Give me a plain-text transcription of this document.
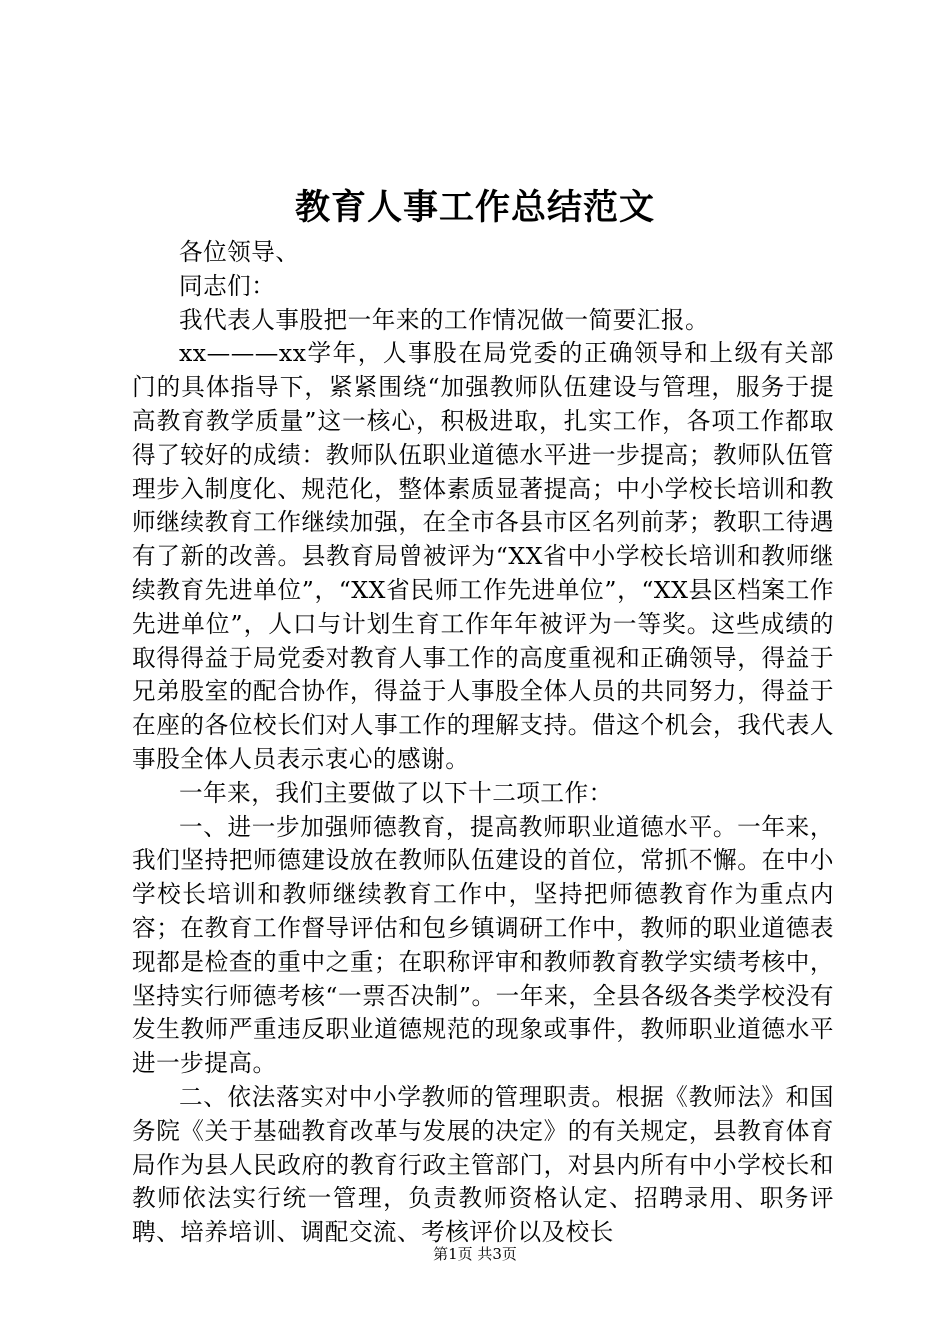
教育人事工作总结范文

各位领导、

同志们：

我代表人事股把一年来的工作情况做一简要汇报。

xx———xx学年，人事股在局党委的正确领导和上级有关部门的具体指导下，紧紧围绕“加强教师队伍建设与管理，服务于提高教育教学质量”这一核心，积极进取，扎实工作，各项工作都取得了较好的成绩：教师队伍职业道德水平进一步提高；教师队伍管理步入制度化、规范化，整体素质显著提高；中小学校长培训和教师继续教育工作继续加强，在全市各县市区名列前茅；教职工待遇有了新的改善。县教育局曾被评为“XX省中小学校长培训和教师继续教育先进单位”，“XX省民师工作先进单位”，“XX县区档案工作先进单位”，人口与计划生育工作年年被评为一等奖。这些成绩的取得得益于局党委对教育人事工作的高度重视和正确领导，得益于兄弟股室的配合协作，得益于人事股全体人员的共同努力，得益于在座的各位校长们对人事工作的理解支持。借这个机会，我代表人事股全体人员表示衷心的感谢。

一年来，我们主要做了以下十二项工作：

一、进一步加强师德教育，提高教师职业道德水平。一年来，我们坚持把师德建设放在教师队伍建设的首位，常抓不懈。在中小学校长培训和教师继续教育工作中，坚持把师德教育作为重点内容；在教育工作督导评估和包乡镇调研工作中，教师的职业道德表现都是检查的重中之重；在职称评审和教师教育教学实绩考核中，坚持实行师德考核“一票否决制”。一年来，全县各级各类学校没有发生教师严重违反职业道德规范的现象或事件，教师职业道德水平进一步提高。

二、依法落实对中小学教师的管理职责。根据《教师法》和国务院《关于基础教育改革与发展的决定》的有关规定，县教育体育局作为县人民政府的教育行政主管部门，对县内所有中小学校长和教师依法实行统一管理，负责教师资格认定、招聘录用、职务评聘、培养培训、调配交流、考核评价以及校长

第1页 共3页
